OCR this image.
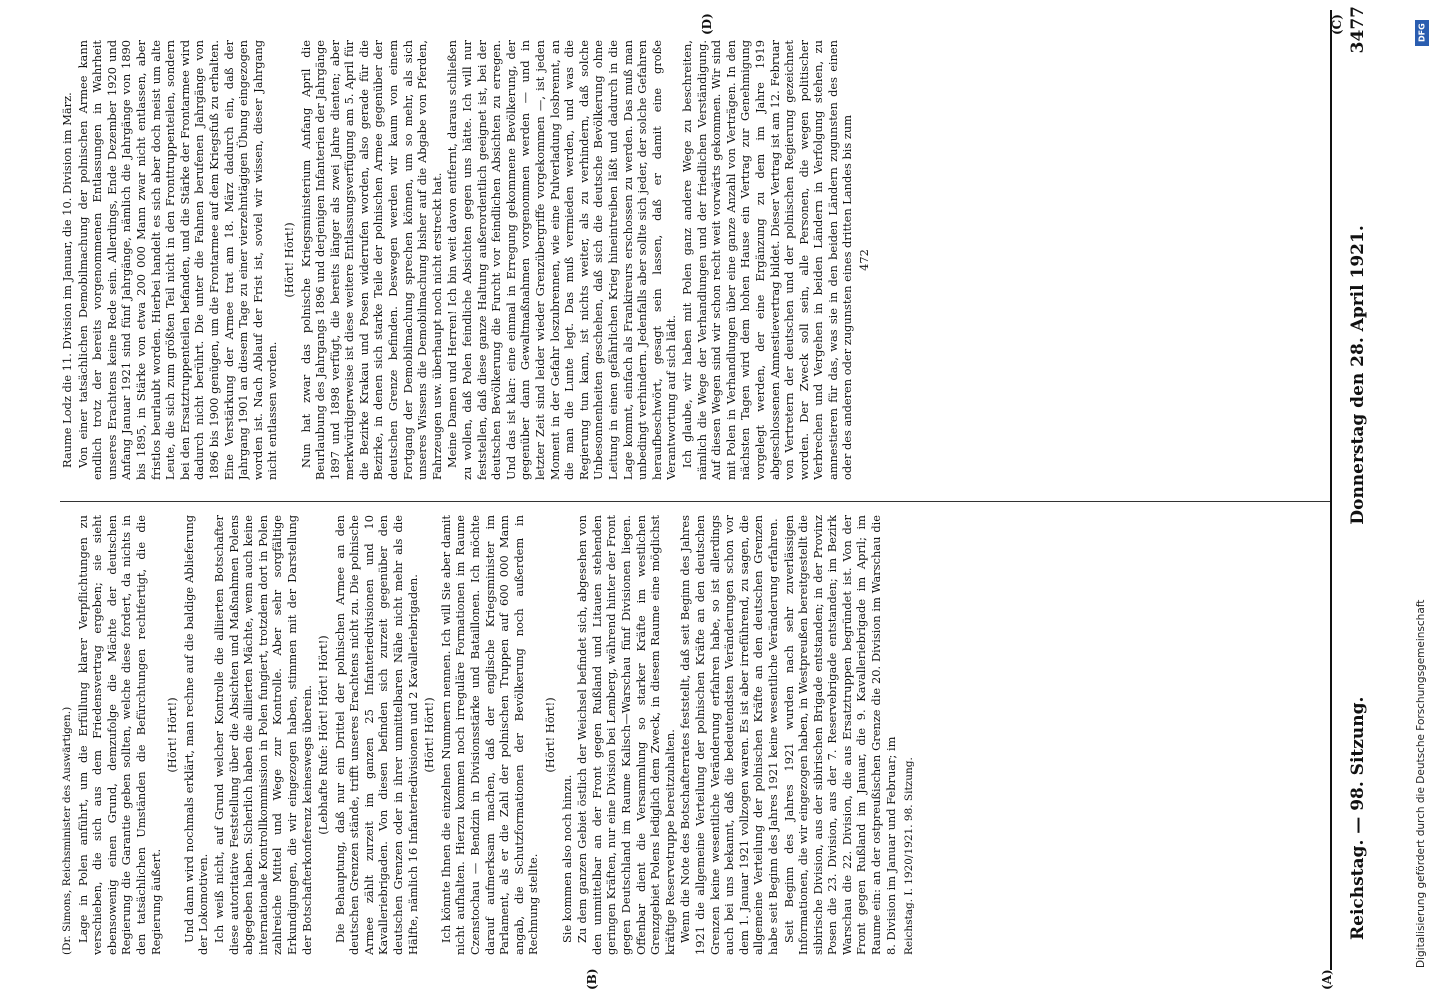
Reichstag. — 98. Sitzung.
Donnerstag den 28. April 1921.
3477
(A)
(B)
(C)
(D)

(Dr. Simons, Reichsminister des Auswärtigen.) Lage in Polen anführt, um die Erfüllung klarer Verpflichtungen zu verschieben, die sich aus dem Friedensvertrag ergeben; sie sieht ebensowenig einen Grund, demzufolge die Mächte der deutschen Regierung die Garantie geben sollten, welche diese fordert, da nichts in den tatsächlichen Umständen die Befürchtungen rechtfertigt, die die Regierung äußert.

(Hört! Hört!) Und dann wird nochmals erklärt, man rechne auf die baldige Ablieferung der Lokomotiven. Ich weiß nicht, auf Grund welcher Kontrolle die alliierten Botschafter diese autoritative Feststellung über die Absichten und Maßnahmen Polens abgegeben haben. Sicherlich haben die alliierten Mächte, wenn auch keine internationale Kontrollkommission in Polen fungiert, trotzdem dort in Polen zahlreiche Mittel und Wege zur Kontrolle. Aber sehr sorgfältige Erkundigungen, die wir eingezogen haben, stimmen mit der Darstellung der Botschafterkonferenz keineswegs überein. (Lebhafte Rufe: Hört! Hört! Hört!) Die Behauptung, daß nur ein Drittel der polnischen Armee an den deutschen Grenzen stände, trifft unseres Erachtens nicht zu. Die polnische Armee zählt zurzeit im ganzen 25 Infanteriedivisionen und 10 Kavalleriebrigaden. Von diesen befinden sich zurzeit gegenüber den deutschen Grenzen oder in ihrer unmittelbaren Nähe nicht mehr als die Hälfte, nämlich 16 Infanteriedivisionen und 2 Kavalleriebrigaden. (Hört! Hört!) Ich könnte Ihnen die einzelnen Nummern nennen. Ich will Sie aber damit nicht aufhalten. Hierzu kommen noch irreguläre Formationen im Raume Czenstochau — Bendzin in Divisionsstärke und Bataillonen. Ich möchte darauf aufmerksam machen, daß der englische Kriegsminister im Parlament, als er die Zahl der polnischen Truppen auf 600 000 Mann angab, die Schutzformationen der Bevölkerung noch außerdem in Rechnung stellte.

(Hört! Hört!)

Sie kommen also noch hinzu. Zu dem ganzen Gebiet östlich der Weichsel befindet sich, abgesehen von den unmittelbar an der Front gegen Rußland und Litauen stehenden geringen Kräften, nur eine Division bei Lemberg, während hinter der Front gegen Deutschland im Raume Kalisch—Warschau fünf Divisionen liegen. Offenbar dient die Versammlung so starker Kräfte im westlichen Grenzgebiet Polens lediglich dem Zweck, in diesem Raume eine möglichst kräftige Reservetruppe bereitzuhalten. Wenn die Note des Botschafterrates feststellt, daß seit Beginn des Jahres 1921 die allgemeine Verteilung der polnischen Kräfte an den deutschen Grenzen keine wesentliche Veränderung erfahren habe, so ist allerdings auch bei uns bekannt, daß die bedeutendsten Veränderungen schon vor dem 1. Januar 1921 vollzogen waren. Es ist aber irreführend, zu sagen, die allgemeine Verteilung der polnischen Kräfte an den deutschen Grenzen habe seit Beginn des Jahres 1921 keine wesentliche Veränderung erfahren. Seit Beginn des Jahres 1921 wurden nach sehr zuverlässigen Informationen, die wir eingezogen haben, in Westpreußen bereitgestellt die sibirische Division, aus der sibirischen Brigade entstanden; in der Provinz Posen die 23. Division, aus der 7. Reservebrigade entstanden; im Bezirk Warschau die 22. Division, die aus Ersatztruppen begründet ist. Von der Front gegen Rußland im Januar, die 9. Kavalleriebrigade im April; im Raume ein: an der ostpreußischen Grenze die 20. Division im Warschau die 8. Division im Januar und Februar; im Reichstag. I. 1920/1921. 98. Sitzung.

Raume Lodz die 11. Division im Januar, die 10. Division im März. Von einer tatsächlichen Demobilmachung der polnischen Armee kann endlich trotz der bereits vorgenommenen Entlassungen in Wahrheit unseres Erachtens keine Rede sein. Allerdings, Ende Dezember 1920 und Anfang Januar 1921 sind fünf Jahrgänge, nämlich die Jahrgänge von 1890 bis 1895, in Stärke von etwa 200 000 Mann zwar nicht entlassen, aber fristlos beurlaubt worden. Hierbei handelt es sich aber doch meist um alte Leute, die sich zum größten Teil nicht in den Fronttruppenteilen, sondern bei den Ersatztruppenteilen befanden, und die Stärke der Frontarmee wird dadurch nicht berührt. Die unter die Fahnen berufenen Jahrgänge von 1896 bis 1900 genügen, um die Frontarmee auf dem Kriegsfuß zu erhalten. Eine Verstärkung der Armee trat am 18. März dadurch ein, daß der Jahrgang 1901 an diesem Tage zu einer vierzehntägigen Übung eingezogen worden ist. Nach Ablauf der Frist ist, soviel wir wissen, dieser Jahrgang nicht entlassen worden.

(Hört! Hört!) Nun hat zwar das polnische Kriegsministerium Anfang April die Beurlaubung des Jahrgangs 1896 und derjenigen Infanterien der Jahrgänge 1897 und 1898 verfügt, die bereits länger als zwei Jahre dienten; aber merkwürdigerweise ist diese weitere Entlassungsverfügung am 5. April für die Bezirke Krakau und Posen widerrufen worden, also gerade für die Bezirke, in denen sich starke Teile der polnischen Armee gegenüber der deutschen Grenze befinden. Deswegen werden wir kaum von einem Fortgang der Demobilmachung sprechen können, um so mehr, als sich unseres Wissens die Demobilmachung bisher auf die Abgabe von Pferden, Fahrzeugen usw. überhaupt noch nicht erstreckt hat. Meine Damen und Herren! Ich bin weit davon entfernt, daraus schließen zu wollen, daß Polen feindliche Absichten gegen uns hätte. Ich will nur feststellen, daß diese ganze Haltung außerordentlich geeignet ist, bei der deutschen Bevölkerung die Furcht vor feindlichen Absichten zu erregen. Und das ist klar: eine einmal in Erregung gekommene Bevölkerung, der gegenüber dann Gewaltmaßnahmen vorgenommen werden — und in letzter Zeit sind leider wieder Grenzübergriffe vorgekommen —, ist jeden Moment in der Gefahr loszubrennen, wie eine Pulverladung losbrennt, an die man die Lunte legt. Das muß vermieden werden, und was die Regierung tun kann, ist nichts weiter, als zu verhindern, daß solche Unbesonnenheiten geschehen, daß sich die deutsche Bevölkerung ohne Leitung in einen gefährlichen Krieg hineintreiben läßt und dadurch in die Lage kommt, einfach als Frankireurs erschossen zu werden. Das muß man unbedingt verhindern. Jedenfalls aber sollte sich jeder, der solche Gefahren heraufbeschwört, gesagt sein lassen, daß er damit eine große Verantwortung auf sich lädt. Ich glaube, wir haben mit Polen ganz andere Wege zu beschreiten, nämlich die Wege der Verhandlungen und der friedlichen Verständigung. Auf diesen Wegen sind wir schon recht weit vorwärts gekommen. Wir sind mit Polen in Verhandlungen über eine ganze Anzahl von Verträgen. In den nächsten Tagen wird dem hohen Hause ein Vertrag zur Genehmigung vorgelegt werden, der eine Ergänzung zu dem im Jahre 1919 abgeschlossenen Amnestievertrag bildet. Dieser Vertrag ist am 12. Februar von Vertretern der deutschen und der polnischen Regierung gezeichnet worden. Der Zweck soll sein, alle Personen, die wegen politischer Verbrechen und Vergehen in beiden Ländern in Verfolgung stehen, zu amnestieren für das, was sie in den beiden Ländern zugunsten des einen oder des anderen oder zugunsten eines dritten Landes bis zum 472

DFG
Digitalisierung gefördert durch die Deutsche Forschungsgemeinschaft
